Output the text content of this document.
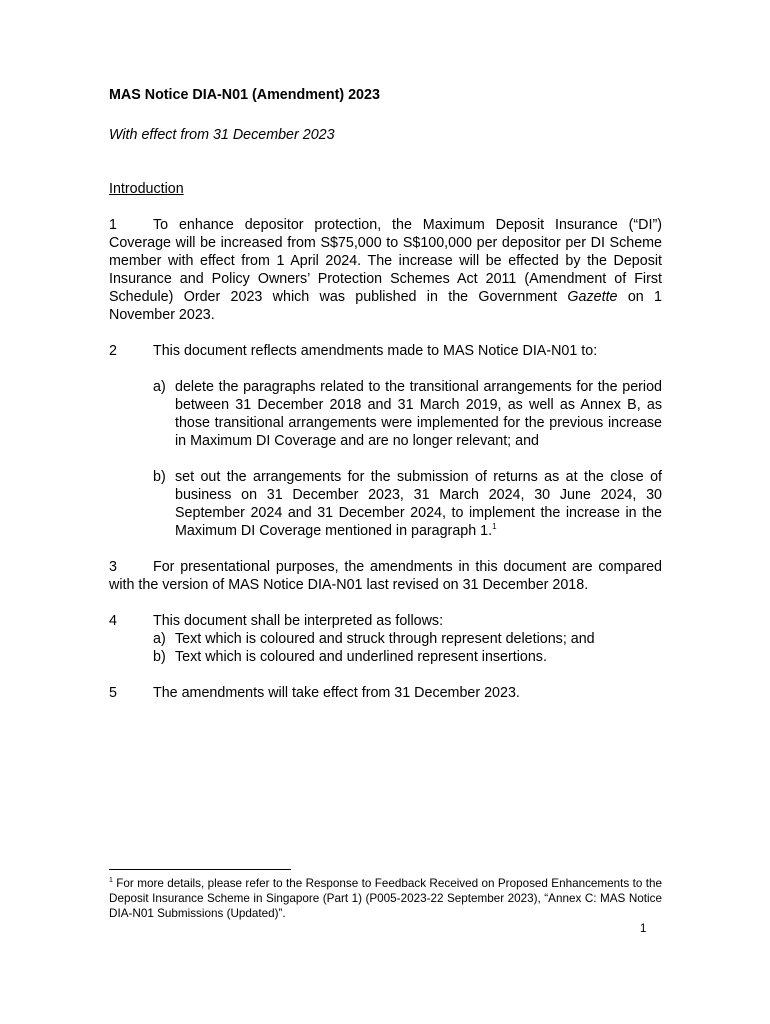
MAS Notice DIA-N01 (Amendment) 2023

With effect from 31 December 2023

Introduction

1	To enhance depositor protection, the Maximum Deposit Insurance (“DI”) Coverage will be increased from S$75,000 to S$100,000 per depositor per DI Scheme member with effect from 1 April 2024. The increase will be effected by the Deposit Insurance and Policy Owners’ Protection Schemes Act 2011 (Amendment of First Schedule) Order 2023 which was published in the Government Gazette on 1 November 2023.

2	This document reflects amendments made to MAS Notice DIA-N01 to:

a) delete the paragraphs related to the transitional arrangements for the period between 31 December 2018 and 31 March 2019, as well as Annex B, as those transitional arrangements were implemented for the previous increase in Maximum DI Coverage and are no longer relevant; and
b) set out the arrangements for the submission of returns as at the close of business on 31 December 2023, 31 March 2024, 30 June 2024, 30 September 2024 and 31 December 2024, to implement the increase in the Maximum DI Coverage mentioned in paragraph 1.$^1$

3	For presentational purposes, the amendments in this document are compared with the version of MAS Notice DIA-N01 last revised on 31 December 2018.

4	This document shall be interpreted as follows:

a) Text which is coloured and struck through represent deletions; and
b) Text which is coloured and underlined represent insertions.

5	The amendments will take effect from 31 December 2023.

$^1$ For more details, please refer to the Response to Feedback Received on Proposed Enhancements to the Deposit Insurance Scheme in Singapore (Part 1) (P005-2023-22 September 2023), “Annex C: MAS Notice DIA-N01 Submissions (Updated)”.
1
